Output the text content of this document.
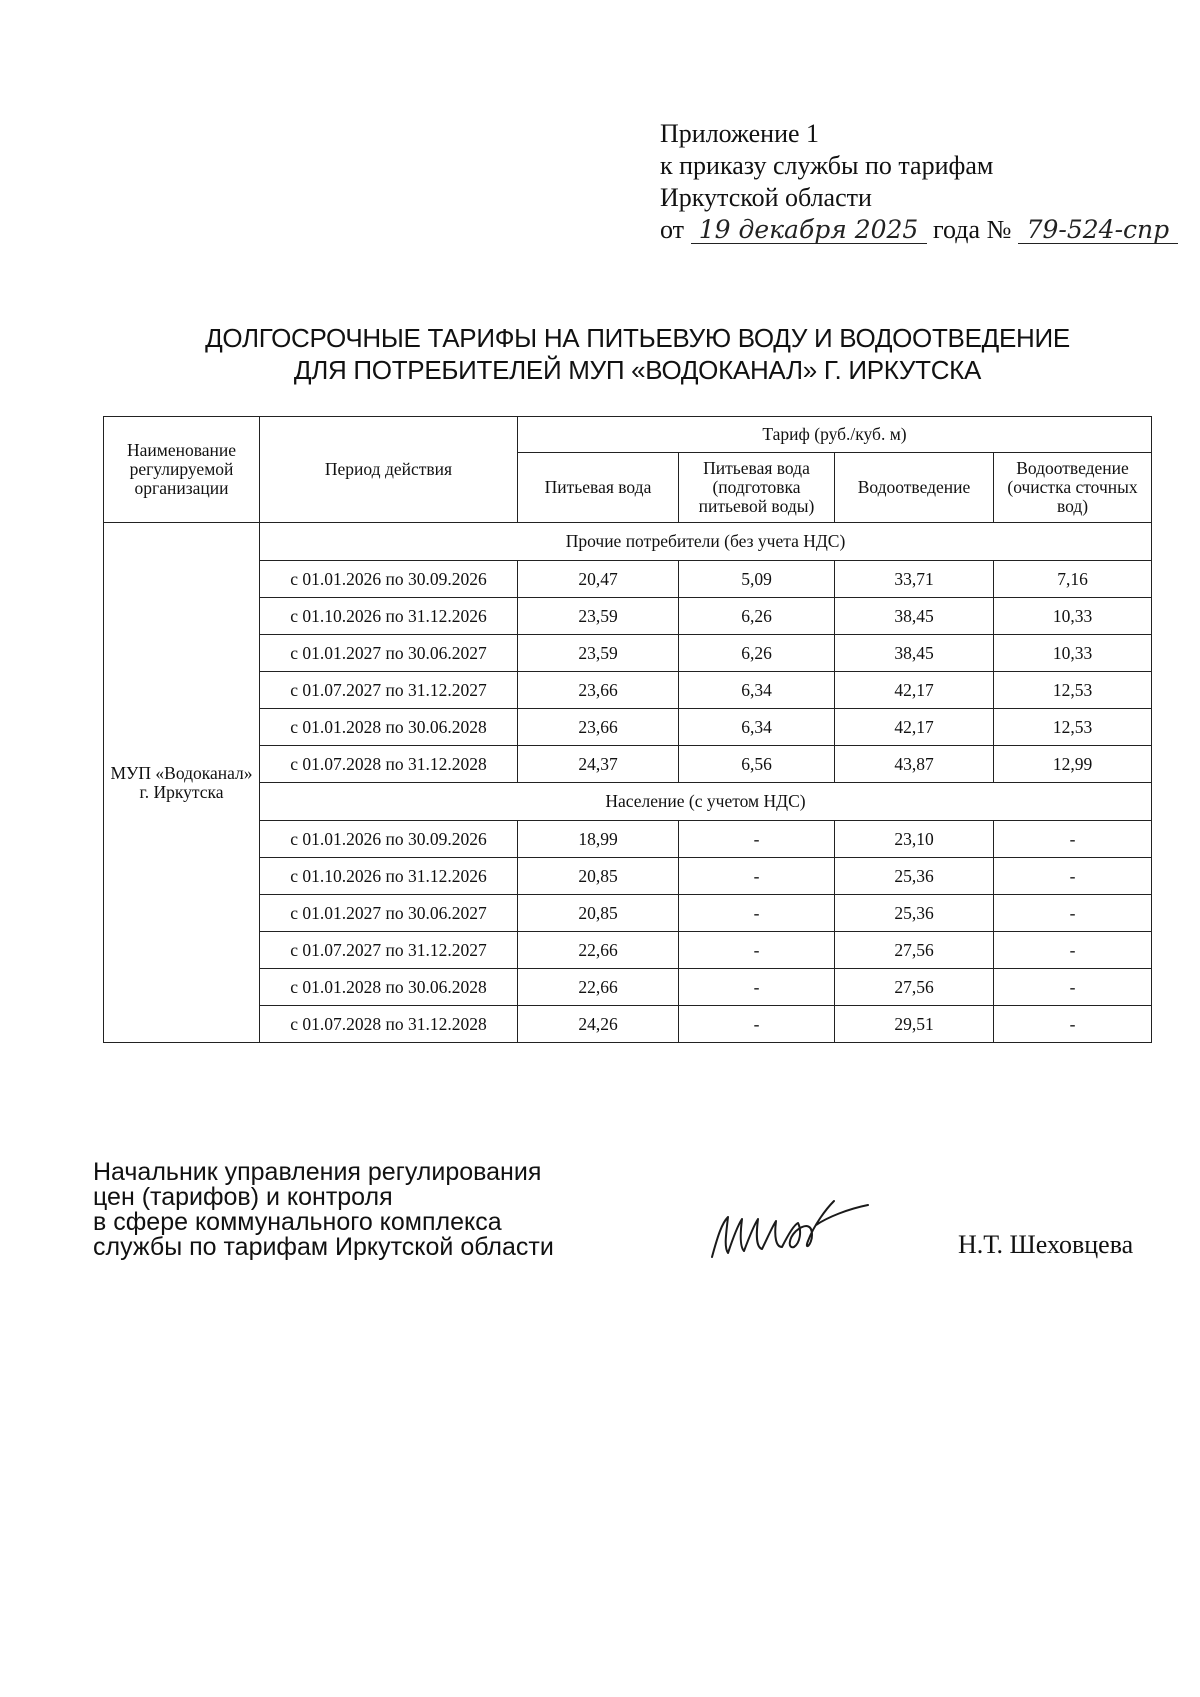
Приложение 1
к приказу службы по тарифам
Иркутской области
от 19 декабря 2025 года № 79-524-спр
ДОЛГОСРОЧНЫЕ ТАРИФЫ НА ПИТЬЕВУЮ ВОДУ И ВОДООТВЕДЕНИЕ
ДЛЯ ПОТРЕБИТЕЛЕЙ МУП «ВОДОКАНАЛ» Г. ИРКУТСКА
Наименование регулируемой организации	Период действия	Тариф (руб./куб. м)			
		Питьевая вода	Питьевая вода (подготовка питьевой воды)	Водоотведение	Водоотведение (очистка сточных вод)
МУП «Водоканал» г. Иркутска	Прочие потребители (без учета НДС)				
	с 01.01.2026 по 30.09.2026	20,47	5,09	33,71	7,16
	с 01.10.2026 по 31.12.2026	23,59	6,26	38,45	10,33
	с 01.01.2027 по 30.06.2027	23,59	6,26	38,45	10,33
	с 01.07.2027 по 31.12.2027	23,66	6,34	42,17	12,53
	с 01.01.2028 по 30.06.2028	23,66	6,34	42,17	12,53
	с 01.07.2028 по 31.12.2028	24,37	6,56	43,87	12,99
	Население (с учетом НДС)				
	с 01.01.2026 по 30.09.2026	18,99	-	23,10	-
	с 01.10.2026 по 31.12.2026	20,85	-	25,36	-
	с 01.01.2027 по 30.06.2027	20,85	-	25,36	-
	с 01.07.2027 по 31.12.2027	22,66	-	27,56	-
	с 01.01.2028 по 30.06.2028	22,66	-	27,56	-
	с 01.07.2028 по 31.12.2028	24,26	-	29,51	-
Начальник управления регулирования
цен (тарифов) и контроля
в сфере коммунального комплекса
службы по тарифам Иркутской области	Н.Т. Шеховцева
